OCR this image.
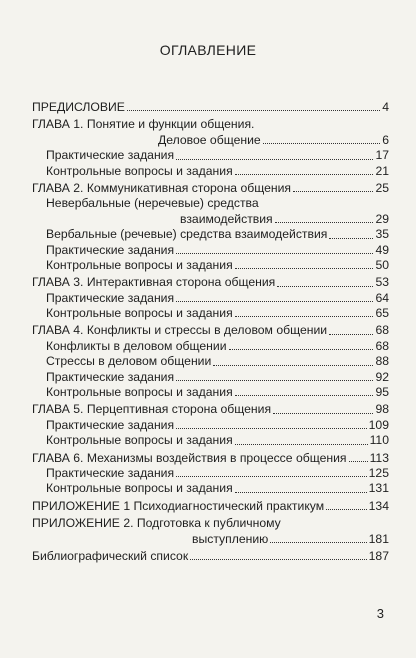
ОГЛАВЛЕНИЕ
ПРЕДИСЛОВИЕ	4
ГЛАВА 1. Понятие и функции общения.
Деловое общение	6
Практические задания	17
Контрольные вопросы и задания	21
ГЛАВА 2. Коммуникативная сторона общения	25
Невербальные (неречевые) средства
взаимодействия	29
Вербальные (речевые) средства взаимодействия	35
Практические задания	49
Контрольные вопросы и задания	50
ГЛАВА 3. Интерактивная сторона общения	53
Практические задания	64
Контрольные вопросы и задания	65
ГЛАВА 4. Конфликты и стрессы в деловом общении	68
Конфликты в деловом общении	68
Стрессы в деловом общении	88
Практические задания	92
Контрольные вопросы и задания	95
ГЛАВА 5. Перцептивная сторона общения	98
Практические задания	109
Контрольные вопросы и задания	110
ГЛАВА 6. Механизмы воздействия в процессе общения 113
Практические задания	125
Контрольные вопросы и задания	131
ПРИЛОЖЕНИЕ 1 Психодиагностический практикум	134
ПРИЛОЖЕНИЕ 2. Подготовка к публичному
выступлению	181
Библиографический список	187
3
